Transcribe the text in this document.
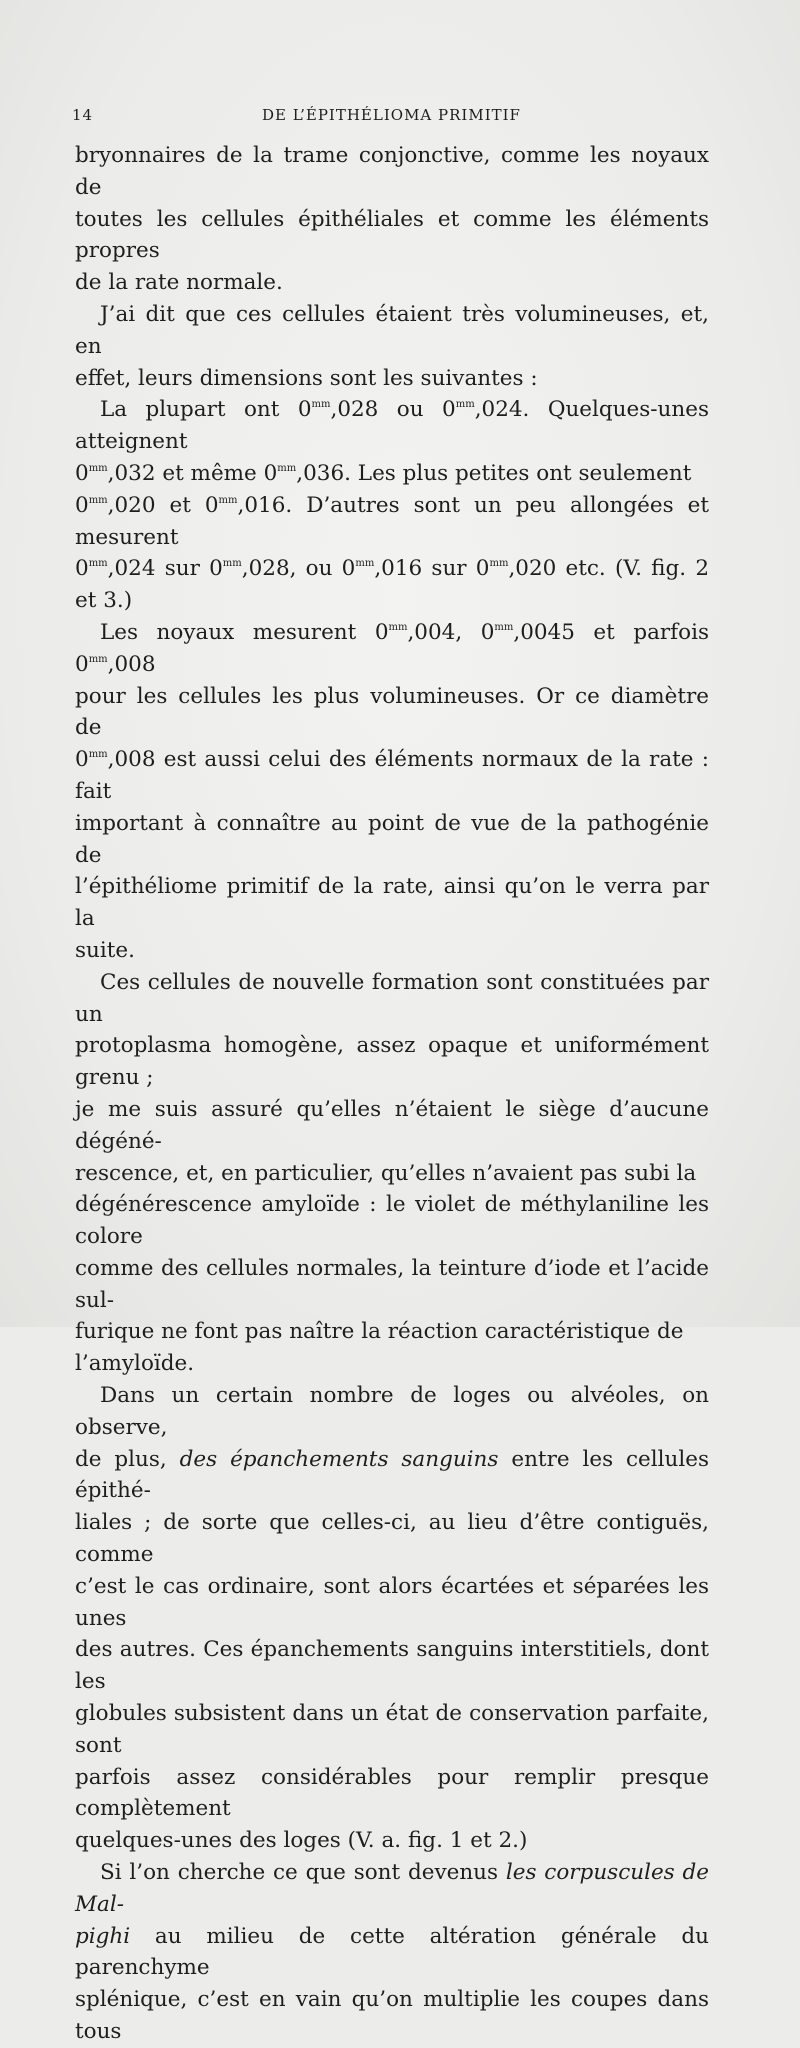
14	DE L’ÉPITHÉLIOMA PRIMITIF

bryonnaires de la trame conjonctive, comme les noyaux de
toutes les cellules épithéliales et comme les éléments propres
de la rate normale.

J’ai dit que ces cellules étaient très volumineuses, et, en
effet, leurs dimensions sont les suivantes :

La plupart ont $0^{mm},028$ ou $0^{mm},024$. Quelques-unes atteignent
$0^{mm},032$ et même $0^{mm},036$. Les plus petites ont seulement
$0^{mm},020$ et $0^{mm},016$. D’autres sont un peu allongées et mesurent
$0^{mm},024$ sur $0^{mm},028$, ou $0^{mm},016$ sur $0^{mm},020$ etc. (V. fig. 2 et 3.)

Les noyaux mesurent $0^{mm},004$, $0^{mm},0045$ et parfois $0^{mm},008$
pour les cellules les plus volumineuses. Or ce diamètre de
$0^{mm},008$ est aussi celui des éléments normaux de la rate : fait
important à connaître au point de vue de la pathogénie de
l’épithéliome primitif de la rate, ainsi qu’on le verra par la
suite.

Ces cellules de nouvelle formation sont constituées par un
protoplasma homogène, assez opaque et uniformément grenu ;
je me suis assuré qu’elles n’étaient le siège d’aucune dégéné-
rescence, et, en particulier, qu’elles n’avaient pas subi la
dégénérescence amyloïde : le violet de méthylaniline les colore
comme des cellules normales, la teinture d’iode et l’acide sul-
furique ne font pas naître la réaction caractéristique de
l’amyloïde.

Dans un certain nombre de loges ou alvéoles, on observe,
de plus, des épanchements sanguins entre les cellules épithé-
liales ; de sorte que celles-ci, au lieu d’être contiguës, comme
c’est le cas ordinaire, sont alors écartées et séparées les unes
des autres. Ces épanchements sanguins interstitiels, dont les
globules subsistent dans un état de conservation parfaite, sont
parfois assez considérables pour remplir presque complètement
quelques-unes des loges (V. a. fig. 1 et 2.)

Si l’on cherche ce que sont devenus les corpuscules de Mal-
pighi au milieu de cette altération générale du parenchyme
splénique, c’est en vain qu’on multiplie les coupes dans tous
